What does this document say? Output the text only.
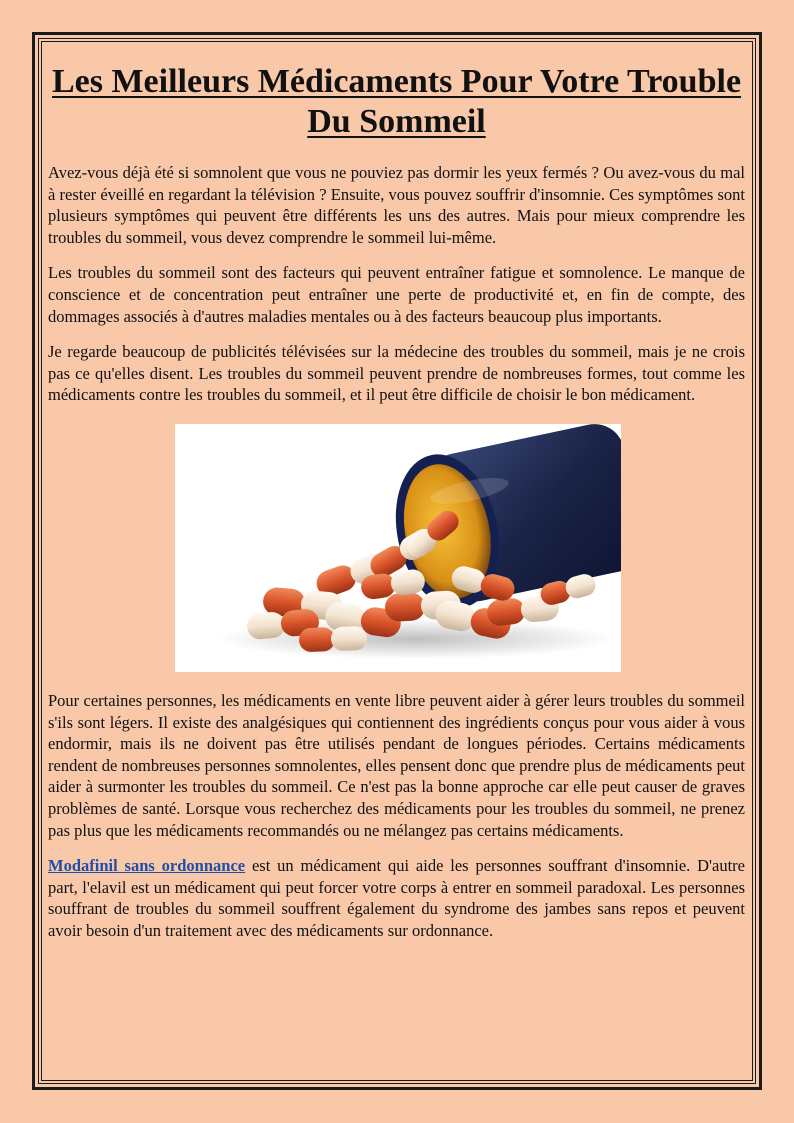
Les Meilleurs Médicaments Pour Votre Trouble Du Sommeil

Avez-vous déjà été si somnolent que vous ne pouviez pas dormir les yeux fermés ? Ou avez-vous du mal à rester éveillé en regardant la télévision ? Ensuite, vous pouvez souffrir d'insomnie. Ces symptômes sont plusieurs symptômes qui peuvent être différents les uns des autres. Mais pour mieux comprendre les troubles du sommeil, vous devez comprendre le sommeil lui-même.

Les troubles du sommeil sont des facteurs qui peuvent entraîner fatigue et somnolence. Le manque de conscience et de concentration peut entraîner une perte de productivité et, en fin de compte, des dommages associés à d'autres maladies mentales ou à des facteurs beaucoup plus importants.

Je regarde beaucoup de publicités télévisées sur la médecine des troubles du sommeil, mais je ne crois pas ce qu'elles disent. Les troubles du sommeil peuvent prendre de nombreuses formes, tout comme les médicaments contre les troubles du sommeil, et il peut être difficile de choisir le bon médicament.

Pour certaines personnes, les médicaments en vente libre peuvent aider à gérer leurs troubles du sommeil s'ils sont légers. Il existe des analgésiques qui contiennent des ingrédients conçus pour vous aider à vous endormir, mais ils ne doivent pas être utilisés pendant de longues périodes. Certains médicaments rendent de nombreuses personnes somnolentes, elles pensent donc que prendre plus de médicaments peut aider à surmonter les troubles du sommeil. Ce n'est pas la bonne approche car elle peut causer de graves problèmes de santé. Lorsque vous recherchez des médicaments pour les troubles du sommeil, ne prenez pas plus que les médicaments recommandés ou ne mélangez pas certains médicaments.

Modafinil sans ordonnance est un médicament qui aide les personnes souffrant d'insomnie. D'autre part, l'elavil est un médicament qui peut forcer votre corps à entrer en sommeil paradoxal. Les personnes souffrant de troubles du sommeil souffrent également du syndrome des jambes sans repos et peuvent avoir besoin d'un traitement avec des médicaments sur ordonnance.
